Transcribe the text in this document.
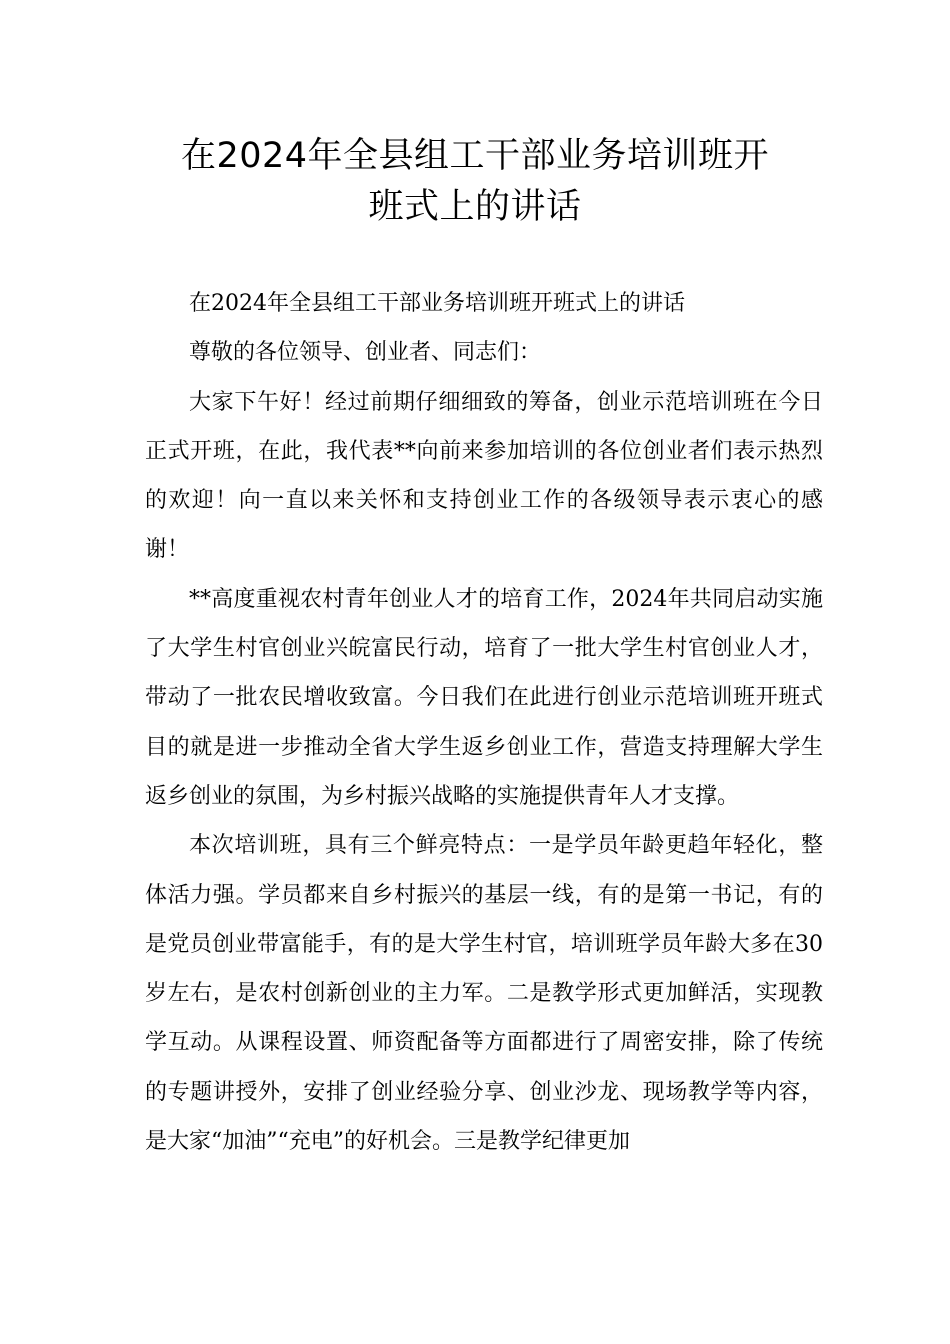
在2024年全县组工干部业务培训班开
班式上的讲话

在2024年全县组工干部业务培训班开班式上的讲话

尊敬的各位领导、创业者、同志们：

大家下午好！经过前期仔细细致的筹备，创业示范培训班在今日正式开班，在此，我代表**向前来参加培训的各位创业者们表示热烈的欢迎！向一直以来关怀和支持创业工作的各级领导表示衷心的感谢！

**高度重视农村青年创业人才的培育工作，2024年共同启动实施了大学生村官创业兴皖富民行动，培育了一批大学生村官创业人才，带动了一批农民增收致富。今日我们在此进行创业示范培训班开班式目的就是进一步推动全省大学生返乡创业工作，营造支持理解大学生返乡创业的氛围，为乡村振兴战略的实施提供青年人才支撑。

本次培训班，具有三个鲜亮特点：一是学员年龄更趋年轻化，整体活力强。学员都来自乡村振兴的基层一线，有的是第一书记，有的是党员创业带富能手，有的是大学生村官，培训班学员年龄大多在30岁左右，是农村创新创业的主力军。二是教学形式更加鲜活，实现教学互动。从课程设置、师资配备等方面都进行了周密安排，除了传统的专题讲授外，安排了创业经验分享、创业沙龙、现场教学等内容，是大家“加油”“充电”的好机会。三是教学纪律更加
